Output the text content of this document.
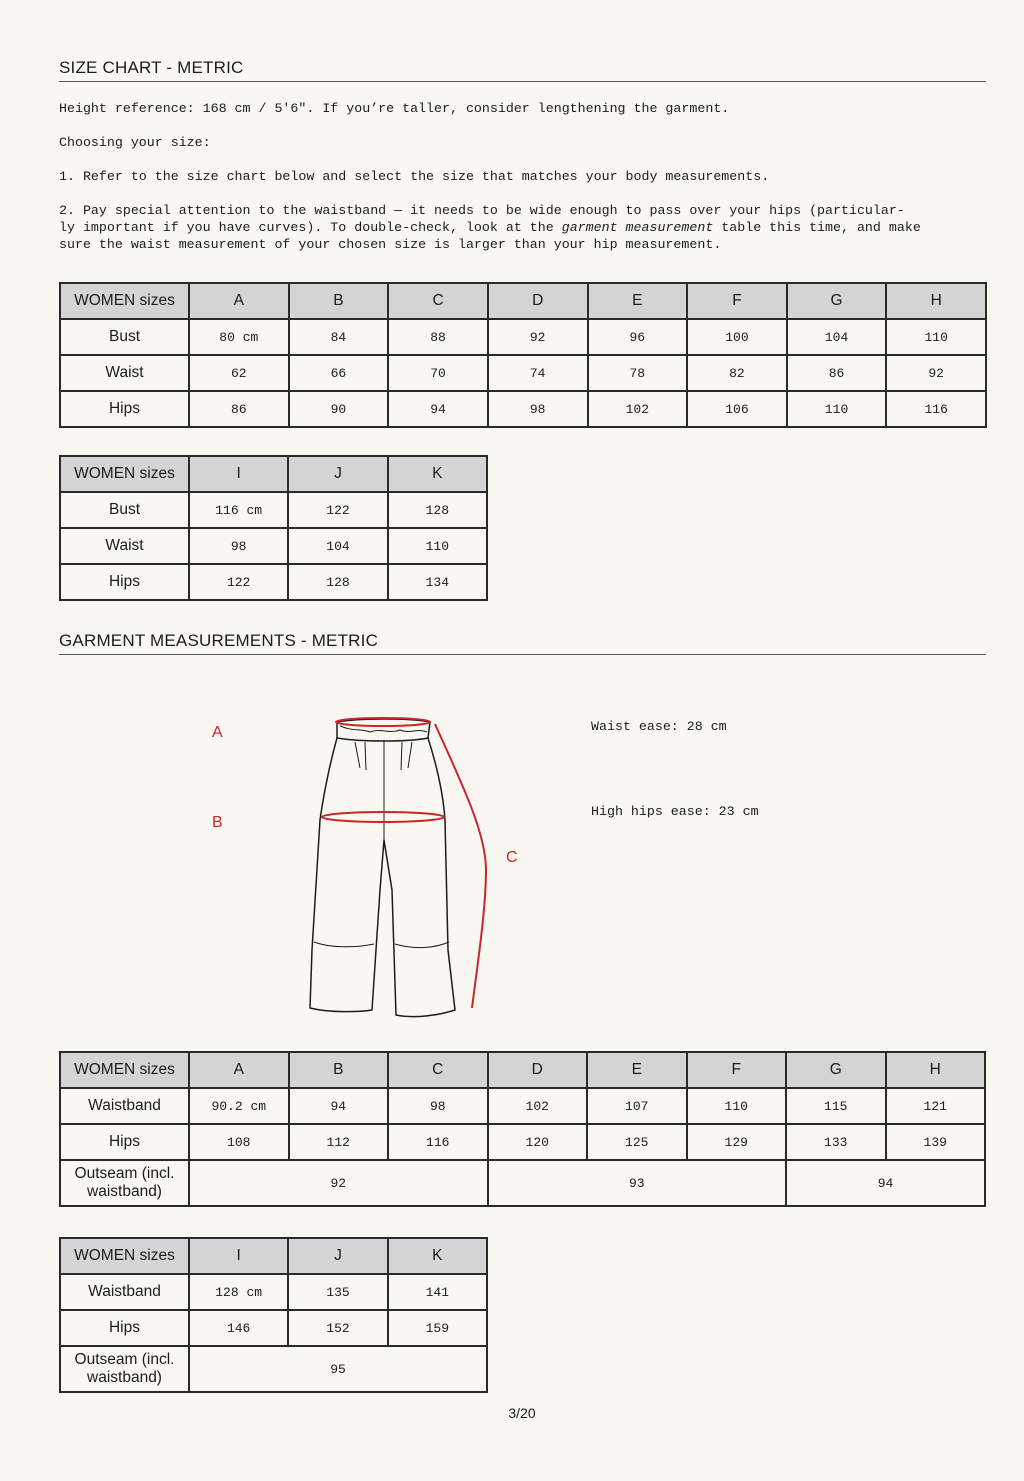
SIZE CHART - METRIC
Height reference: 168 cm / 5'6". If you’re taller, consider lengthening the garment.
Choosing your size:
1. Refer to the size chart below and select the size that matches your body measurements.
2. Pay special attention to the waistband — it needs to be wide enough to pass over your hips (particular-
ly important if you have curves). To double-check, look at the garment measurement table this time, and make
sure the waist measurement of your chosen size is larger than your hip measurement.
WOMEN sizes	A	B	C	D	E	F	G	H
Bust	80 cm	84	88	92	96	100	104	110
Waist	62	66	70	74	78	82	86	92
Hips	86	90	94	98	102	106	110	116
WOMEN sizes	I	J	K
Bust	116 cm	122	128
Waist	98	104	110
Hips	122	128	134
GARMENT MEASUREMENTS - METRIC
A
B
C
Waist ease: 28 cm
High hips ease: 23 cm
WOMEN sizes	A	B	C	D	E	F	G	H
Waistband	90.2 cm	94	98	102	107	110	115	121
Hips	108	112	116	120	125	129	133	139
Outseam (incl.
waistband)	92			93			94	
WOMEN sizes	I	J	K
Waistband	128 cm	135	141
Hips	146	152	159
Outseam (incl.
waistband)	95		
3/20
